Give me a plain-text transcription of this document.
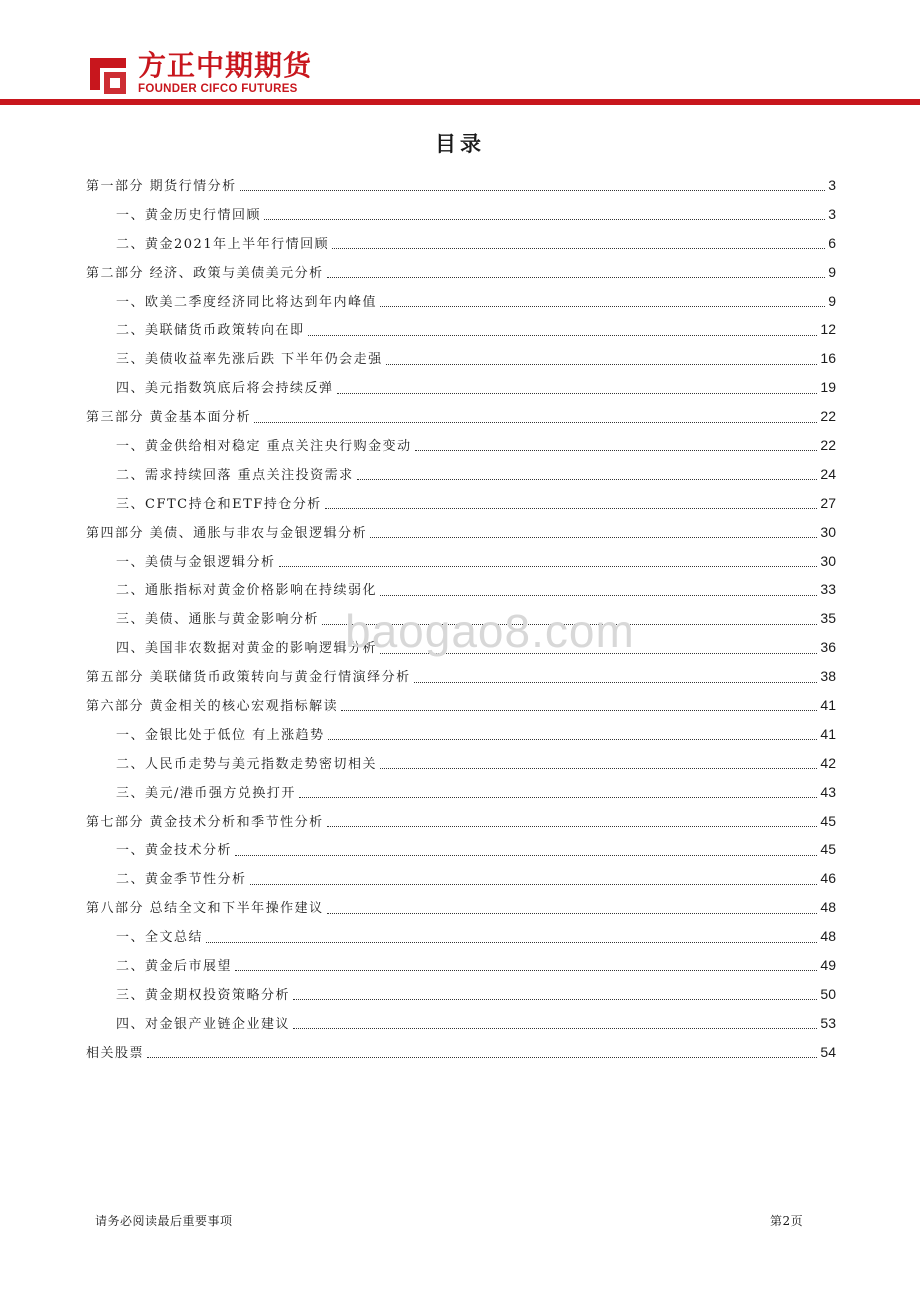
方正中期期货
FOUNDER CIFCO FUTURES
目录
第一部分 期货行情分析	3
一、黄金历史行情回顾	3
二、黄金2021年上半年行情回顾	6
第二部分 经济、政策与美债美元分析	9
一、欧美二季度经济同比将达到年内峰值	9
二、美联储货币政策转向在即	12
三、美债收益率先涨后跌 下半年仍会走强	16
四、美元指数筑底后将会持续反弹	19
第三部分 黄金基本面分析	22
一、黄金供给相对稳定 重点关注央行购金变动	22
二、需求持续回落 重点关注投资需求	24
三、CFTC持仓和ETF持仓分析	27
第四部分 美债、通胀与非农与金银逻辑分析	30
一、美债与金银逻辑分析	30
二、通胀指标对黄金价格影响在持续弱化	33
三、美债、通胀与黄金影响分析	35
四、美国非农数据对黄金的影响逻辑分析	36
第五部分 美联储货币政策转向与黄金行情演绎分析	38
第六部分 黄金相关的核心宏观指标解读	41
一、金银比处于低位 有上涨趋势	41
二、人民币走势与美元指数走势密切相关	42
三、美元/港币强方兑换打开	43
第七部分 黄金技术分析和季节性分析	45
一、黄金技术分析	45
二、黄金季节性分析	46
第八部分 总结全文和下半年操作建议	48
一、全文总结	48
二、黄金后市展望	49
三、黄金期权投资策略分析	50
四、对金银产业链企业建议	53
相关股票	54
baogao8.com
请务必阅读最后重要事项	第2页
